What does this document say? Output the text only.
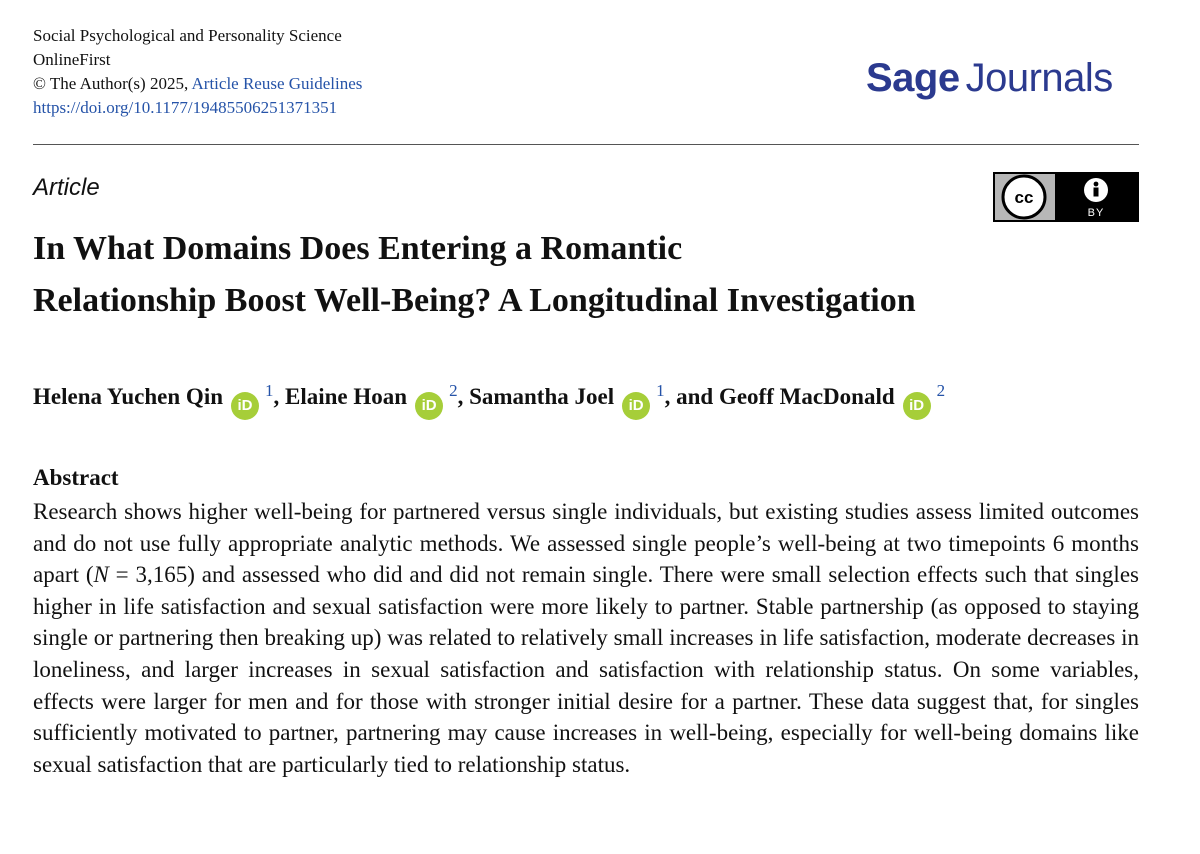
Social Psychological and Personality Science
OnlineFirst
© The Author(s) 2025, Article Reuse Guidelines
https://doi.org/10.1177/19485506251371351
Sage Journals
Article	cc
BY
In What Domains Does Entering a Romantic
Relationship Boost Well-Being? A Longitudinal Investigation
Helena Yuchen Qin iD$^1$, Elaine Hoan iD$^2$, Samantha Joel iD$^1$, and Geoff MacDonald iD$^2$
Abstract

Research shows higher well-being for partnered versus single individuals, but existing studies assess limited outcomes and do not use fully appropriate analytic methods. We assessed single people’s well-being at two timepoints 6 months apart (N = 3,165) and assessed who did and did not remain single. There were small selection effects such that singles higher in life satisfaction and sexual satisfaction were more likely to partner. Stable partnership (as opposed to staying single or partnering then breaking up) was related to relatively small increases in life satisfaction, moderate decreases in loneliness, and larger increases in sexual satisfaction and satisfaction with relationship status. On some variables, effects were larger for men and for those with stronger initial desire for a partner. These data suggest that, for singles sufficiently motivated to partner, partnering may cause increases in well-being, especially for well-being domains like sexual satisfaction that are particularly tied to relationship status.
